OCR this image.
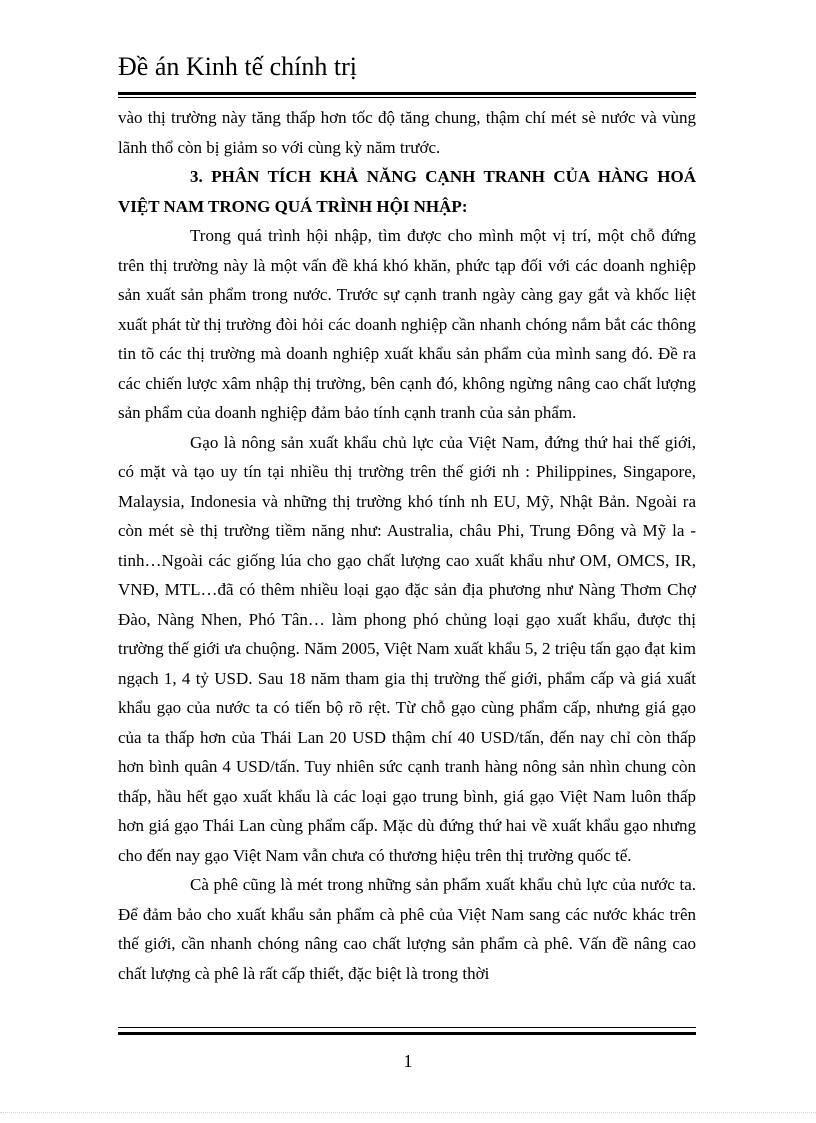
Đề án Kinh tế chính trị

vào thị trường này tăng thấp hơn tốc độ tăng chung, thậm chí mét sè nước và vùng lãnh thổ còn bị giảm so với cùng kỳ năm trước.

3. PHÂN TÍCH KHẢ NĂNG CẠNH TRANH CỦA HÀNG HOÁ VIỆT NAM TRONG QUÁ TRÌNH HỘI NHẬP:

Trong quá trình hội nhập, tìm được cho mình một vị trí, một chỗ đứng trên thị trường này là một vấn đề khá khó khăn, phức tạp đối với các doanh nghiệp sản xuất sản phẩm trong nước. Trước sự cạnh tranh ngày càng gay gắt và khốc liệt xuất phát từ thị trường đòi hỏi các doanh nghiệp cần nhanh chóng nắm bắt các thông tin tõ các thị trường mà doanh nghiệp xuất khẩu sản phẩm của mình sang đó. Đề ra các chiến lược xâm nhập thị trường, bên cạnh đó, không ngừng nâng cao chất lượng sản phẩm của doanh nghiệp đảm bảo tính cạnh tranh của sản phẩm.

Gạo là nông sản xuất khẩu chủ lực của Việt Nam, đứng thứ hai thế giới, có mặt và tạo uy tín tại nhiều thị trường trên thế giới nh : Philippines, Singapore, Malaysia, Indonesia và những thị trường khó tính nh EU, Mỹ, Nhật Bản. Ngoài ra còn mét sè thị trường tiềm năng như: Australia, châu Phi, Trung Đông và Mỹ la - tinh…Ngoài các giống lúa cho gạo chất lượng cao xuất khẩu như OM, OMCS, IR, VNĐ, MTL…đã có thêm nhiều loại gạo đặc sản địa phương như Nàng Thơm Chợ Đào, Nàng Nhen, Phó Tân… làm phong phó chủng loại gạo xuất khẩu, được thị trường thế giới ưa chuộng. Năm 2005, Việt Nam xuất khẩu 5, 2 triệu tấn gạo đạt kim ngạch 1, 4 tỷ USD. Sau 18 năm tham gia thị trường thế giới, phẩm cấp và giá xuất khẩu gạo của nước ta có tiến bộ rõ rệt. Từ chỗ gạo cùng phẩm cấp, nhưng giá gạo của ta thấp hơn của Thái Lan 20 USD thậm chí 40 USD/tấn, đến nay chỉ còn thấp hơn bình quân 4 USD/tấn. Tuy nhiên sức cạnh tranh hàng nông sản nhìn chung còn thấp, hầu hết gạo xuất khẩu là các loại gạo trung bình, giá gạo Việt Nam luôn thấp hơn giá gạo Thái Lan cùng phẩm cấp. Mặc dù đứng thứ hai về xuất khẩu gạo nhưng cho đến nay gạo Việt Nam vẫn chưa có thương hiệu trên thị trường quốc tế.

Cà phê cũng là mét trong những sản phẩm xuất khẩu chủ lực của nước ta. Để đảm bảo cho xuất khẩu sản phẩm cà phê của Việt Nam sang các nước khác trên thế giới, cần nhanh chóng nâng cao chất lượng sản phẩm cà phê. Vấn đề nâng cao chất lượng cà phê là rất cấp thiết, đặc biệt là trong thời

1
